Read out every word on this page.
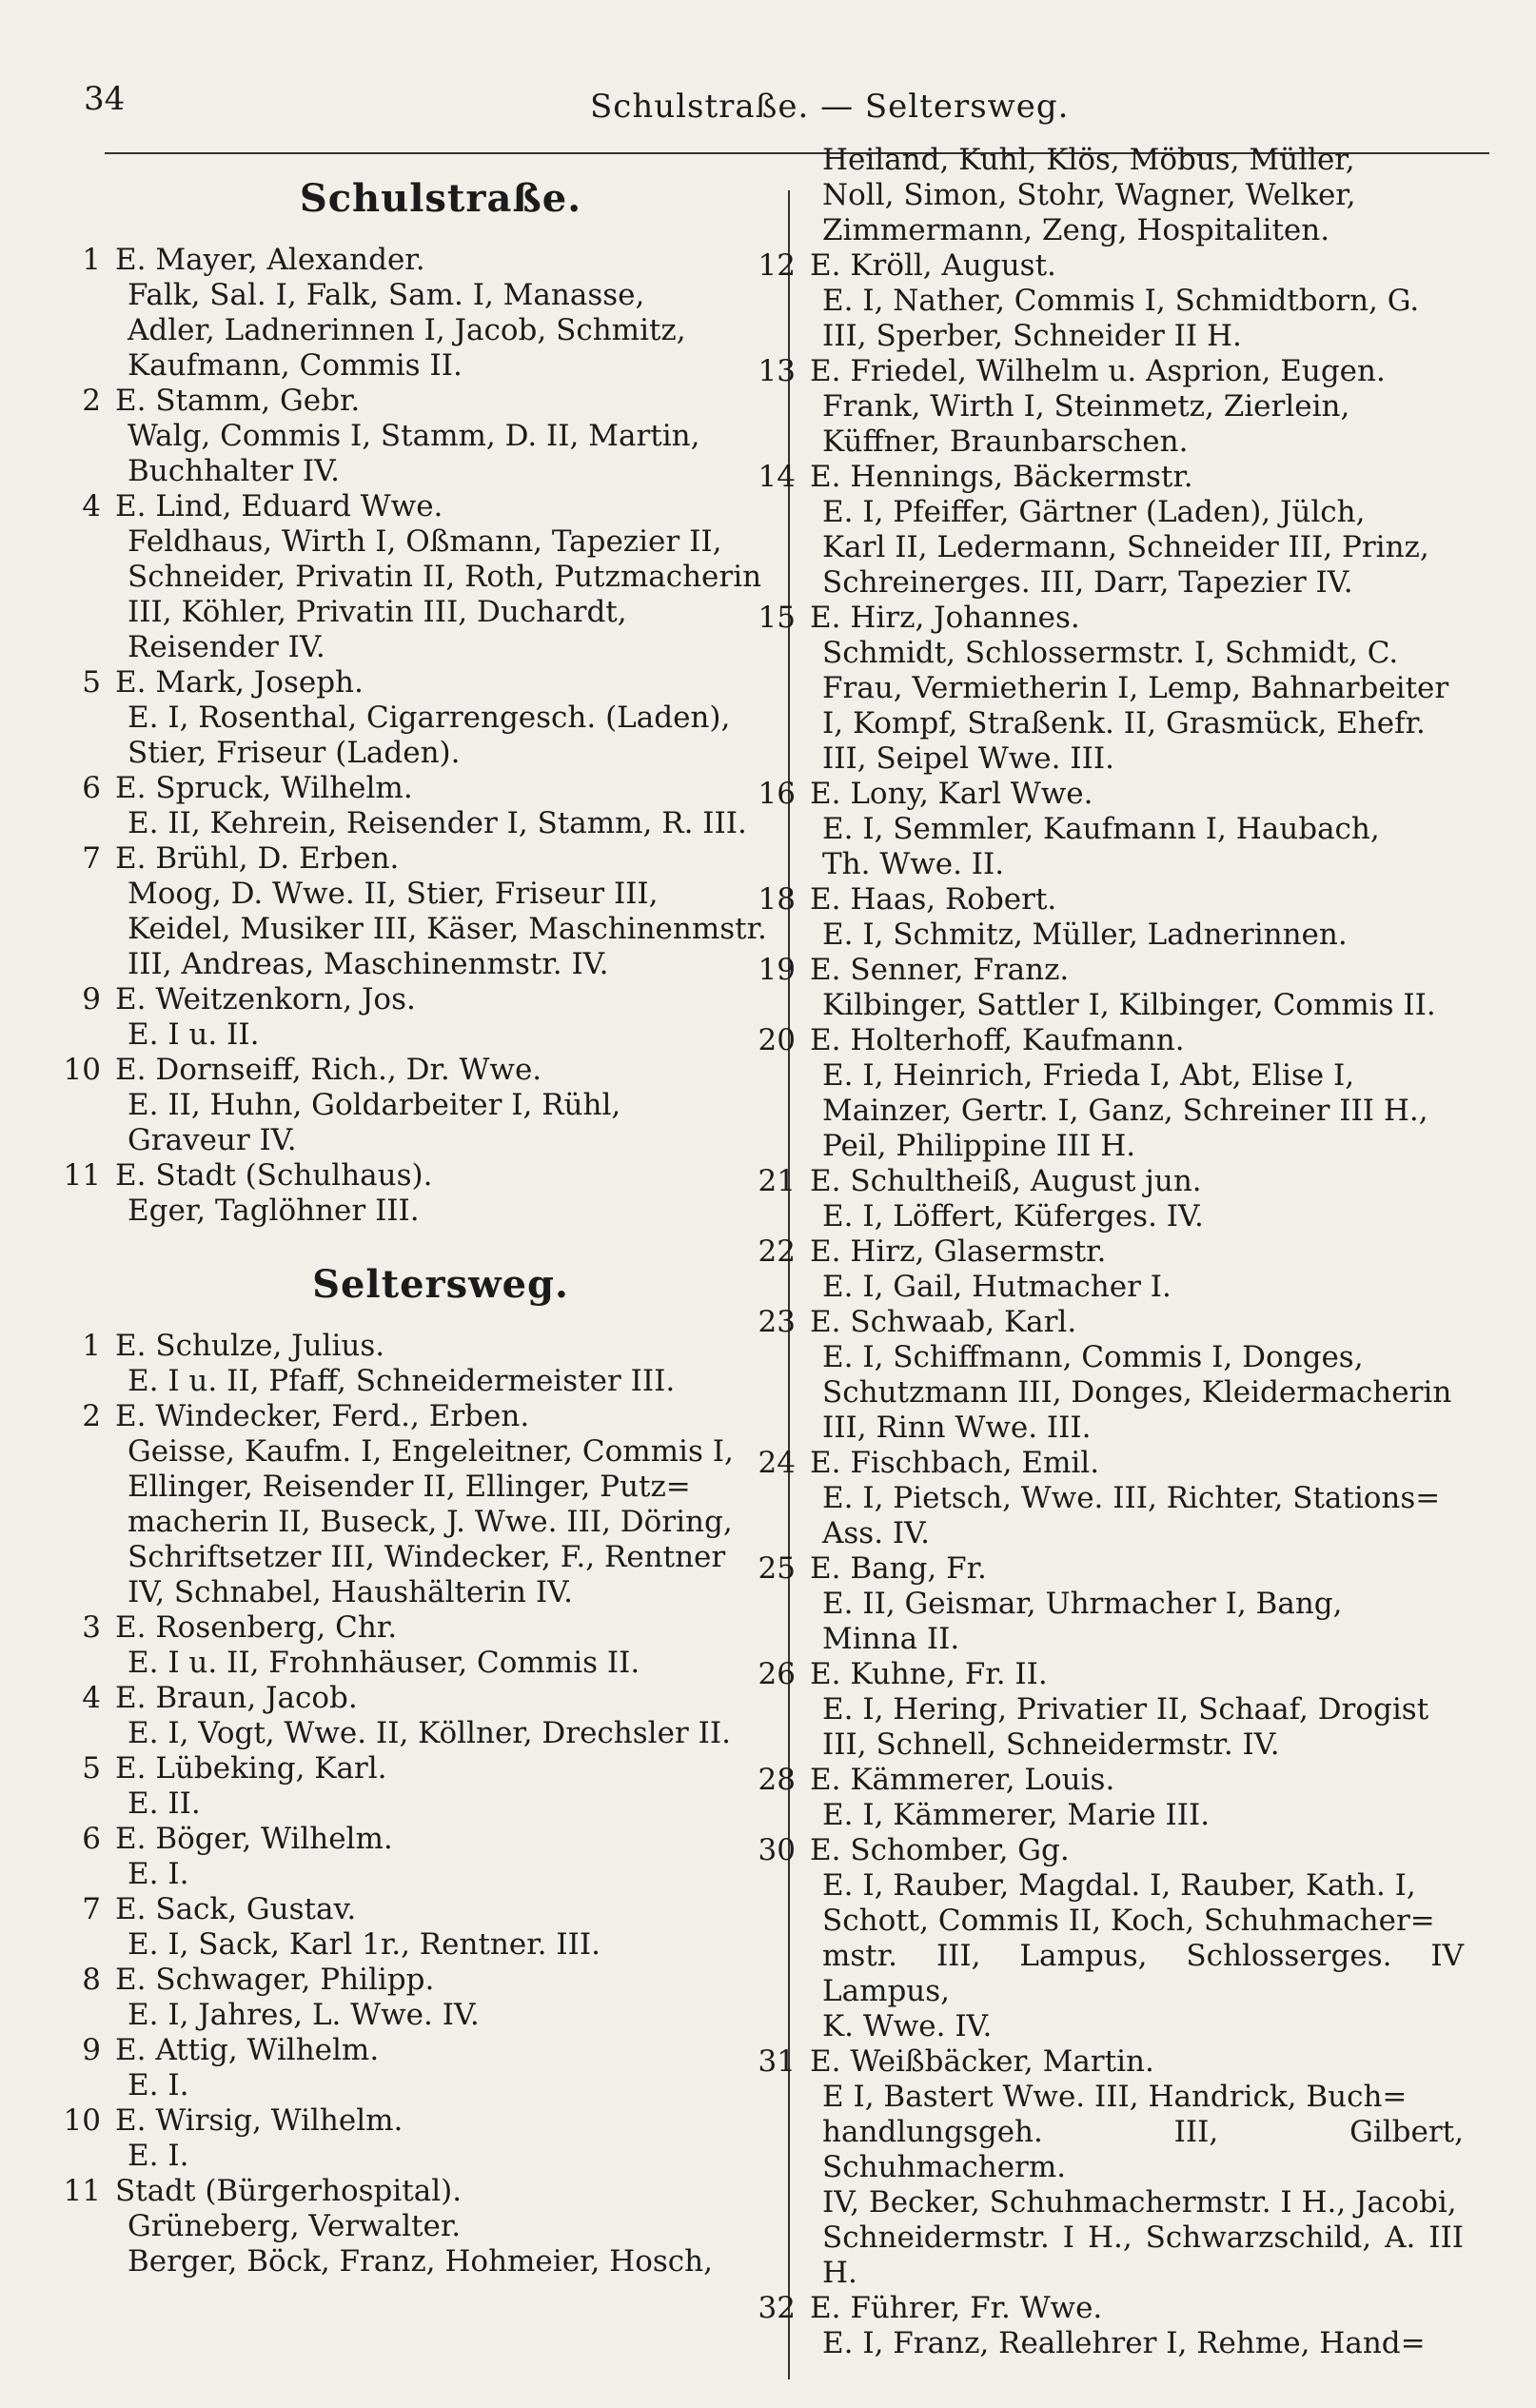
34	Schulstraße. — Seltersweg.
Schulstraße.
1 E. Mayer, Alexander.
Falk, Sal. I, Falk, Sam. I, Manasse,
Adler, Ladnerinnen I, Jacob, Schmitz,
Kaufmann, Commis II.
2 E. Stamm, Gebr.
Walg, Commis I, Stamm, D. II, Martin,
Buchhalter IV.
4 E. Lind, Eduard Wwe.
Feldhaus, Wirth I, Oßmann, Tapezier II,
Schneider, Privatin II, Roth, Putzmacherin
III, Köhler, Privatin III, Duchardt,
Reisender IV.
5 E. Mark, Joseph.
E. I, Rosenthal, Cigarrengesch. (Laden),
Stier, Friseur (Laden).
6 E. Spruck, Wilhelm.
E. II, Kehrein, Reisender I, Stamm, R. III.
7 E. Brühl, D. Erben.
Moog, D. Wwe. II, Stier, Friseur III,
Keidel, Musiker III, Käser, Maschinenmstr.
III, Andreas, Maschinenmstr. IV.
9 E. Weitzenkorn, Jos.
E. I u. II.
10 E. Dornseiff, Rich., Dr. Wwe.
E. II, Huhn, Goldarbeiter I, Rühl,
Graveur IV.
11 E. Stadt (Schulhaus).
Eger, Taglöhner III.
Seltersweg.
1 E. Schulze, Julius.
E. I u. II, Pfaff, Schneidermeister III.
2 E. Windecker, Ferd., Erben.
Geisse, Kaufm. I, Engeleitner, Commis I,
Ellinger, Reisender II, Ellinger, Putz=
macherin II, Buseck, J. Wwe. III, Döring,
Schriftsetzer III, Windecker, F., Rentner
IV, Schnabel, Haushälterin IV.
3 E. Rosenberg, Chr.
E. I u. II, Frohnhäuser, Commis II.
4 E. Braun, Jacob.
E. I, Vogt, Wwe. II, Köllner, Drechsler II.
5 E. Lübeking, Karl.
E. II.
6 E. Böger, Wilhelm.
E. I.
7 E. Sack, Gustav.
E. I, Sack, Karl 1r., Rentner. III.
8 E. Schwager, Philipp.
E. I, Jahres, L. Wwe. IV.
9 E. Attig, Wilhelm.
E. I.
10 E. Wirsig, Wilhelm.
E. I.
11 Stadt (Bürgerhospital).
Grüneberg, Verwalter.
Berger, Böck, Franz, Hohmeier, Hosch,
Heiland, Kuhl, Klös, Möbus, Müller,
Noll, Simon, Stohr, Wagner, Welker,
Zimmermann, Zeng, Hospitaliten.
12 E. Kröll, August.
E. I, Nather, Commis I, Schmidtborn, G.
III, Sperber, Schneider II H.
13 E. Friedel, Wilhelm u. Asprion, Eugen.
Frank, Wirth I, Steinmetz, Zierlein,
Küffner, Braunbarschen.
14 E. Hennings, Bäckermstr.
E. I, Pfeiffer, Gärtner (Laden), Jülch,
Karl II, Ledermann, Schneider III, Prinz,
Schreinerges. III, Darr, Tapezier IV.
15 E. Hirz, Johannes.
Schmidt, Schlossermstr. I, Schmidt, C.
Frau, Vermietherin I, Lemp, Bahnarbeiter
I, Kompf, Straßenk. II, Grasmück, Ehefr.
III, Seipel Wwe. III.
16 E. Lony, Karl Wwe.
E. I, Semmler, Kaufmann I, Haubach,
Th. Wwe. II.
18 E. Haas, Robert.
E. I, Schmitz, Müller, Ladnerinnen.
19 E. Senner, Franz.
Kilbinger, Sattler I, Kilbinger, Commis II.
20 E. Holterhoff, Kaufmann.
E. I, Heinrich, Frieda I, Abt, Elise I,
Mainzer, Gertr. I, Ganz, Schreiner III H.,
Peil, Philippine III H.
21 E. Schultheiß, August jun.
E. I, Löffert, Küferges. IV.
22 E. Hirz, Glasermstr.
E. I, Gail, Hutmacher I.
23 E. Schwaab, Karl.
E. I, Schiffmann, Commis I, Donges,
Schutzmann III, Donges, Kleidermacherin
III, Rinn Wwe. III.
24 E. Fischbach, Emil.
E. I, Pietsch, Wwe. III, Richter, Stations=
Ass. IV.
25 E. Bang, Fr.
E. II, Geismar, Uhrmacher I, Bang,
Minna II.
26 E. Kuhne, Fr. II.
E. I, Hering, Privatier II, Schaaf, Drogist
III, Schnell, Schneidermstr. IV.
28 E. Kämmerer, Louis.
E. I, Kämmerer, Marie III.
30 E. Schomber, Gg.
E. I, Rauber, Magdal. I, Rauber, Kath. I,
Schott, Commis II, Koch, Schuhmacher=
mstr. III, Lampus, Schlosserges. IV Lampus,
K. Wwe. IV.
31 E. Weißbäcker, Martin.
E I, Bastert Wwe. III, Handrick, Buch=
handlungsgeh. III, Gilbert, Schuhmacherm.
IV, Becker, Schuhmachermstr. I H., Jacobi,
Schneidermstr. I H., Schwarzschild, A. III H.
32 E. Führer, Fr. Wwe.
E. I, Franz, Reallehrer I, Rehme, Hand=
